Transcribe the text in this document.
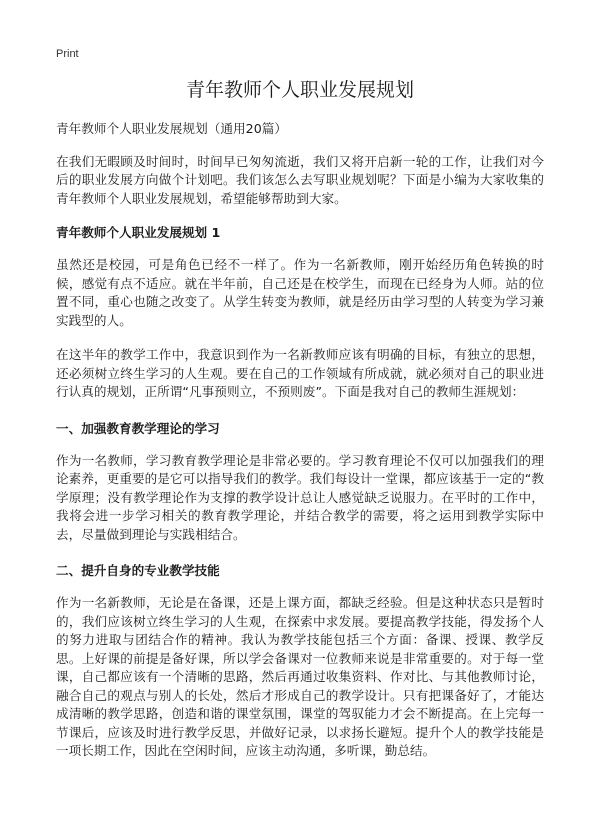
Print
青年教师个人职业发展规划

青年教师个人职业发展规划（通用20篇）

在我们无暇顾及时间时，时间早已匆匆流逝，我们又将开启新一轮的工作，让我们对今后的职业发展方向做个计划吧。我们该怎么去写职业规划呢？下面是小编为大家收集的青年教师个人职业发展规划，希望能够帮助到大家。

青年教师个人职业发展规划 1

虽然还是校园，可是角色已经不一样了。作为一名新教师，刚开始经历角色转换的时候，感觉有点不适应。就在半年前，自己还是在校学生，而现在已经身为人师。站的位置不同，重心也随之改变了。从学生转变为教师，就是经历由学习型的人转变为学习兼实践型的人。

在这半年的教学工作中，我意识到作为一名新教师应该有明确的目标，有独立的思想，还必须树立终生学习的人生观。要在自己的工作领域有所成就，就必须对自己的职业进行认真的规划，正所谓“凡事预则立，不预则废”。下面是我对自己的教师生涯规划：

一、加强教育教学理论的学习

作为一名教师，学习教育教学理论是非常必要的。学习教育理论不仅可以加强我们的理论素养，更重要的是它可以指导我们的教学。我们每设计一堂课，都应该基于一定的“教学原理；没有教学理论作为支撑的教学设计总让人感觉缺乏说服力。在平时的工作中，我将会进一步学习相关的教育教学理论，并结合教学的需要，将之运用到教学实际中去，尽量做到理论与实践相结合。

二、提升自身的专业教学技能

作为一名新教师，无论是在备课，还是上课方面，都缺乏经验。但是这种状态只是暂时的，我们应该树立终生学习的人生观，在探索中求发展。要提高教学技能，得发扬个人的努力进取与团结合作的精神。我认为教学技能包括三个方面：备课、授课、教学反思。上好课的前提是备好课，所以学会备课对一位教师来说是非常重要的。对于每一堂课，自己都应该有一个清晰的思路，然后再通过收集资料、作对比、与其他教师讨论，融合自己的观点与别人的长处，然后才形成自己的教学设计。只有把课备好了，才能达成清晰的教学思路，创造和谐的课堂氛围，课堂的驾驭能力才会不断提高。在上完每一节课后，应该及时进行教学反思，并做好记录，以求扬长避短。提升个人的教学技能是一项长期工作，因此在空闲时间，应该主动沟通，多听课，勤总结。
